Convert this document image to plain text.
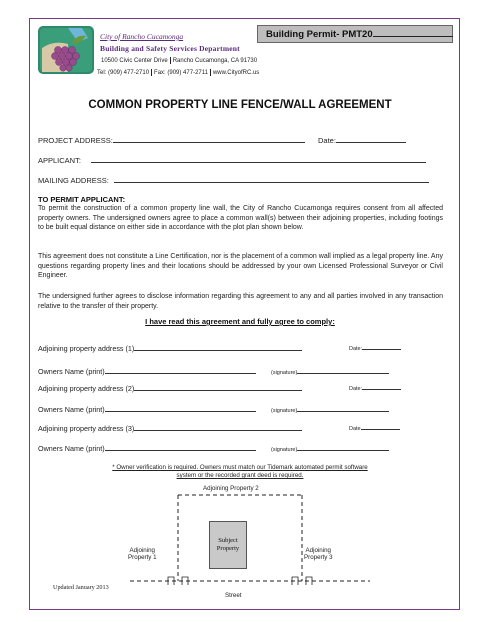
Building Permit- PMT20
City of Rancho Cucamonga
Building and Safety Services Department
10500 Civic Center Drive Rancho Cucamonga, CA 91730
Tel: (909) 477-2710 Fax: (909) 477-2711 www.CityofRC.us
COMMON PROPERTY LINE FENCE/WALL AGREEMENT
PROJECT ADDRESS:	Date:
APPLICANT:
MAILING ADDRESS:
TO PERMIT APPLICANT:
To permit the construction of a common property line wall, the City of Rancho Cucamonga requires consent from all affected property owners. The undersigned owners agree to place a common wall(s) between their adjoining properties, including footings to be built equal distance on either side in accordance with the plot plan shown below.
This agreement does not constitute a Line Certification, nor is the placement of a common wall implied as a legal property line. Any questions regarding property lines and their locations should be addressed by your own Licensed Professional Surveyor or Civil Engineer.
The undersigned further agrees to disclose information regarding this agreement to any and all parties involved in any transaction relative to the transfer of their property.
I have read this agreement and fully agree to comply:
Adjoining property address (1)	Date:
Owners Name (print)	(signature)
Adjoining property address (2)	Date:
Owners Name (print)	(signature)
Adjoining property address (3)	Date
Owners Name (print)	(signature)
* Owner verification is required. Owners must match our Tidemark automated permit software
system or the recorded grant deed is required.
Adjoining Property 2
Adjoining
Property 1
Adjoining
Property 3
Subject
Property
Street
Updated January 2013
